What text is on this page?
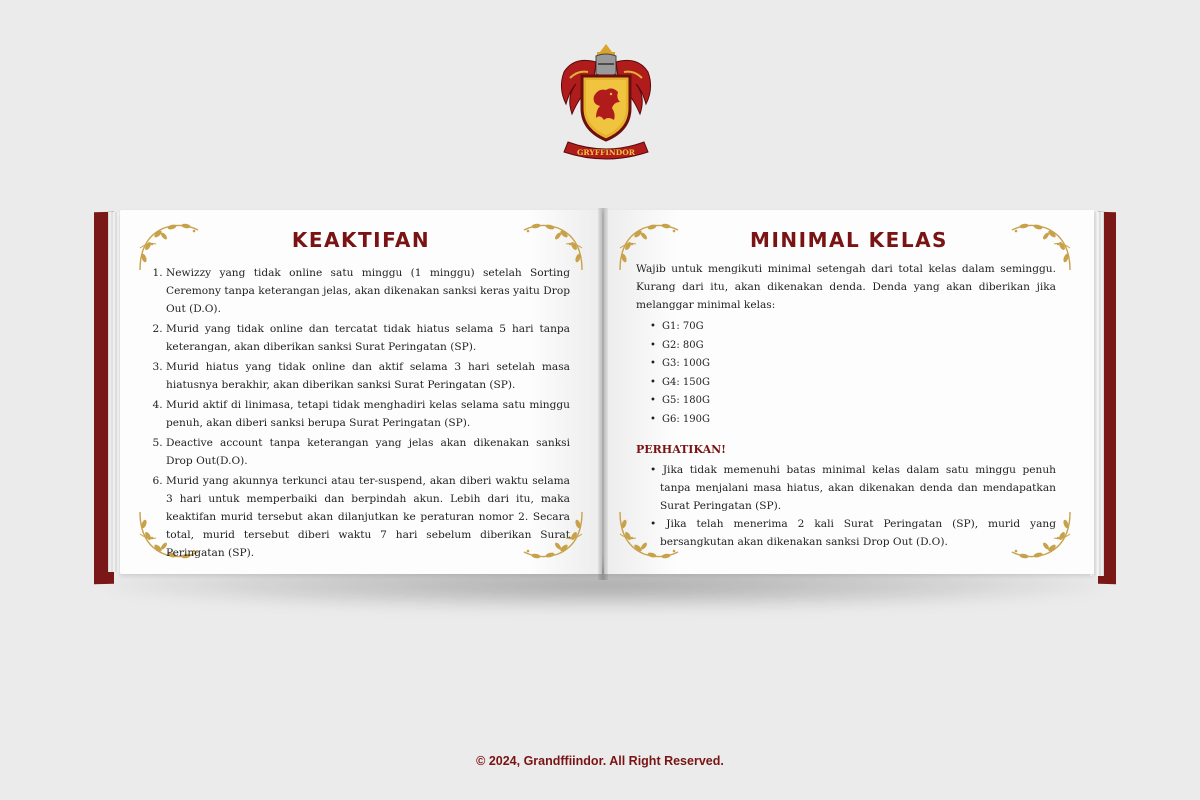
GRYFFINDOR
KEAKTIFAN
1. Newizzy yang tidak online satu minggu (1 minggu) setelah Sorting Ceremony tanpa keterangan jelas, akan dikenakan sanksi keras yaitu Drop Out (D.O).
2. Murid yang tidak online dan tercatat tidak hiatus selama 5 hari tanpa keterangan, akan diberikan sanksi Surat Peringatan (SP).
3. Murid hiatus yang tidak online dan aktif selama 3 hari setelah masa hiatusnya berakhir, akan diberikan sanksi Surat Peringatan (SP).
4. Murid aktif di linimasa, tetapi tidak menghadiri kelas selama satu minggu penuh, akan diberi sanksi berupa Surat Peringatan (SP).
5. Deactive account tanpa keterangan yang jelas akan dikenakan sanksi Drop Out(D.O).
6. Murid yang akunnya terkunci atau ter-suspend, akan diberi waktu selama 3 hari untuk memperbaiki dan berpindah akun. Lebih dari itu, maka keaktifan murid tersebut akan dilanjutkan ke peraturan nomor 2. Secara total, murid tersebut diberi waktu 7 hari sebelum diberikan Surat Peringatan (SP).
MINIMAL KELAS

Wajib untuk mengikuti minimal setengah dari total kelas dalam seminggu. Kurang dari itu, akan dikenakan denda. Denda yang akan diberikan jika melanggar minimal kelas:

• G1: 70G
• G2: 80G
• G3: 100G
• G4: 150G
• G5: 180G
• G6: 190G
PERHATIKAN!
• Jika tidak memenuhi batas minimal kelas dalam satu minggu penuh tanpa menjalani masa hiatus, akan dikenakan denda dan mendapatkan Surat Peringatan (SP).
• Jika telah menerima 2 kali Surat Peringatan (SP), murid yang bersangkutan akan dikenakan sanksi Drop Out (D.O).
© 2024, Grandffiindor. All Right Reserved.
